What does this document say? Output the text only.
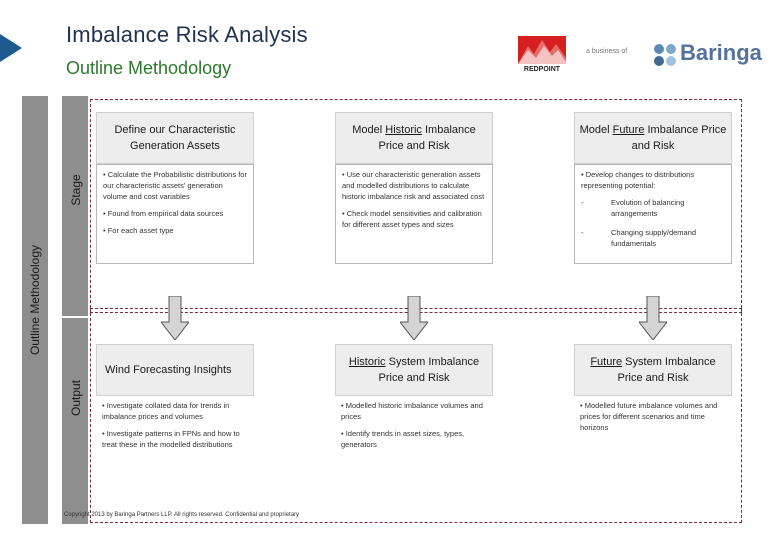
Imbalance Risk Analysis
Outline Methodology	REDPOINT
a business of Baringa
Outline Methodology
Stage
Output
Define our Characteristic Generation Assets

• Calculate the Probabilistic distributions for our characteristic assets' generation volume and cost variables

• Found from empirical data sources

• For each asset type

Model Historic Imbalance Price and Risk

• Use our characteristic generation assets and modelled distributions to calculate historic imbalance risk and associated cost

• Check model sensitivities and calibration for different asset types and sizes

Model Future Imbalance Price and Risk

• Develop changes to distributions representing potential:

-	Evolution of balancing arrangements
-	Changing supply/demand fundamentals
Wind Forecasting Insights

• Investigate collated data for trends in imbalance prices and volumes

• Investigate patterns in FPNs and how to treat these in the modelled distributions

Historic System Imbalance Price and Risk

• Modelled historic imbalance volumes and prices

• Identify trends in asset sizes, types, generators

Future System Imbalance Price and Risk

• Modelled future imbalance volumes and prices for different scenarios and time horizons

Copyright 2013 by Baringa Partners LLP. All rights reserved. Confidential and proprietary
